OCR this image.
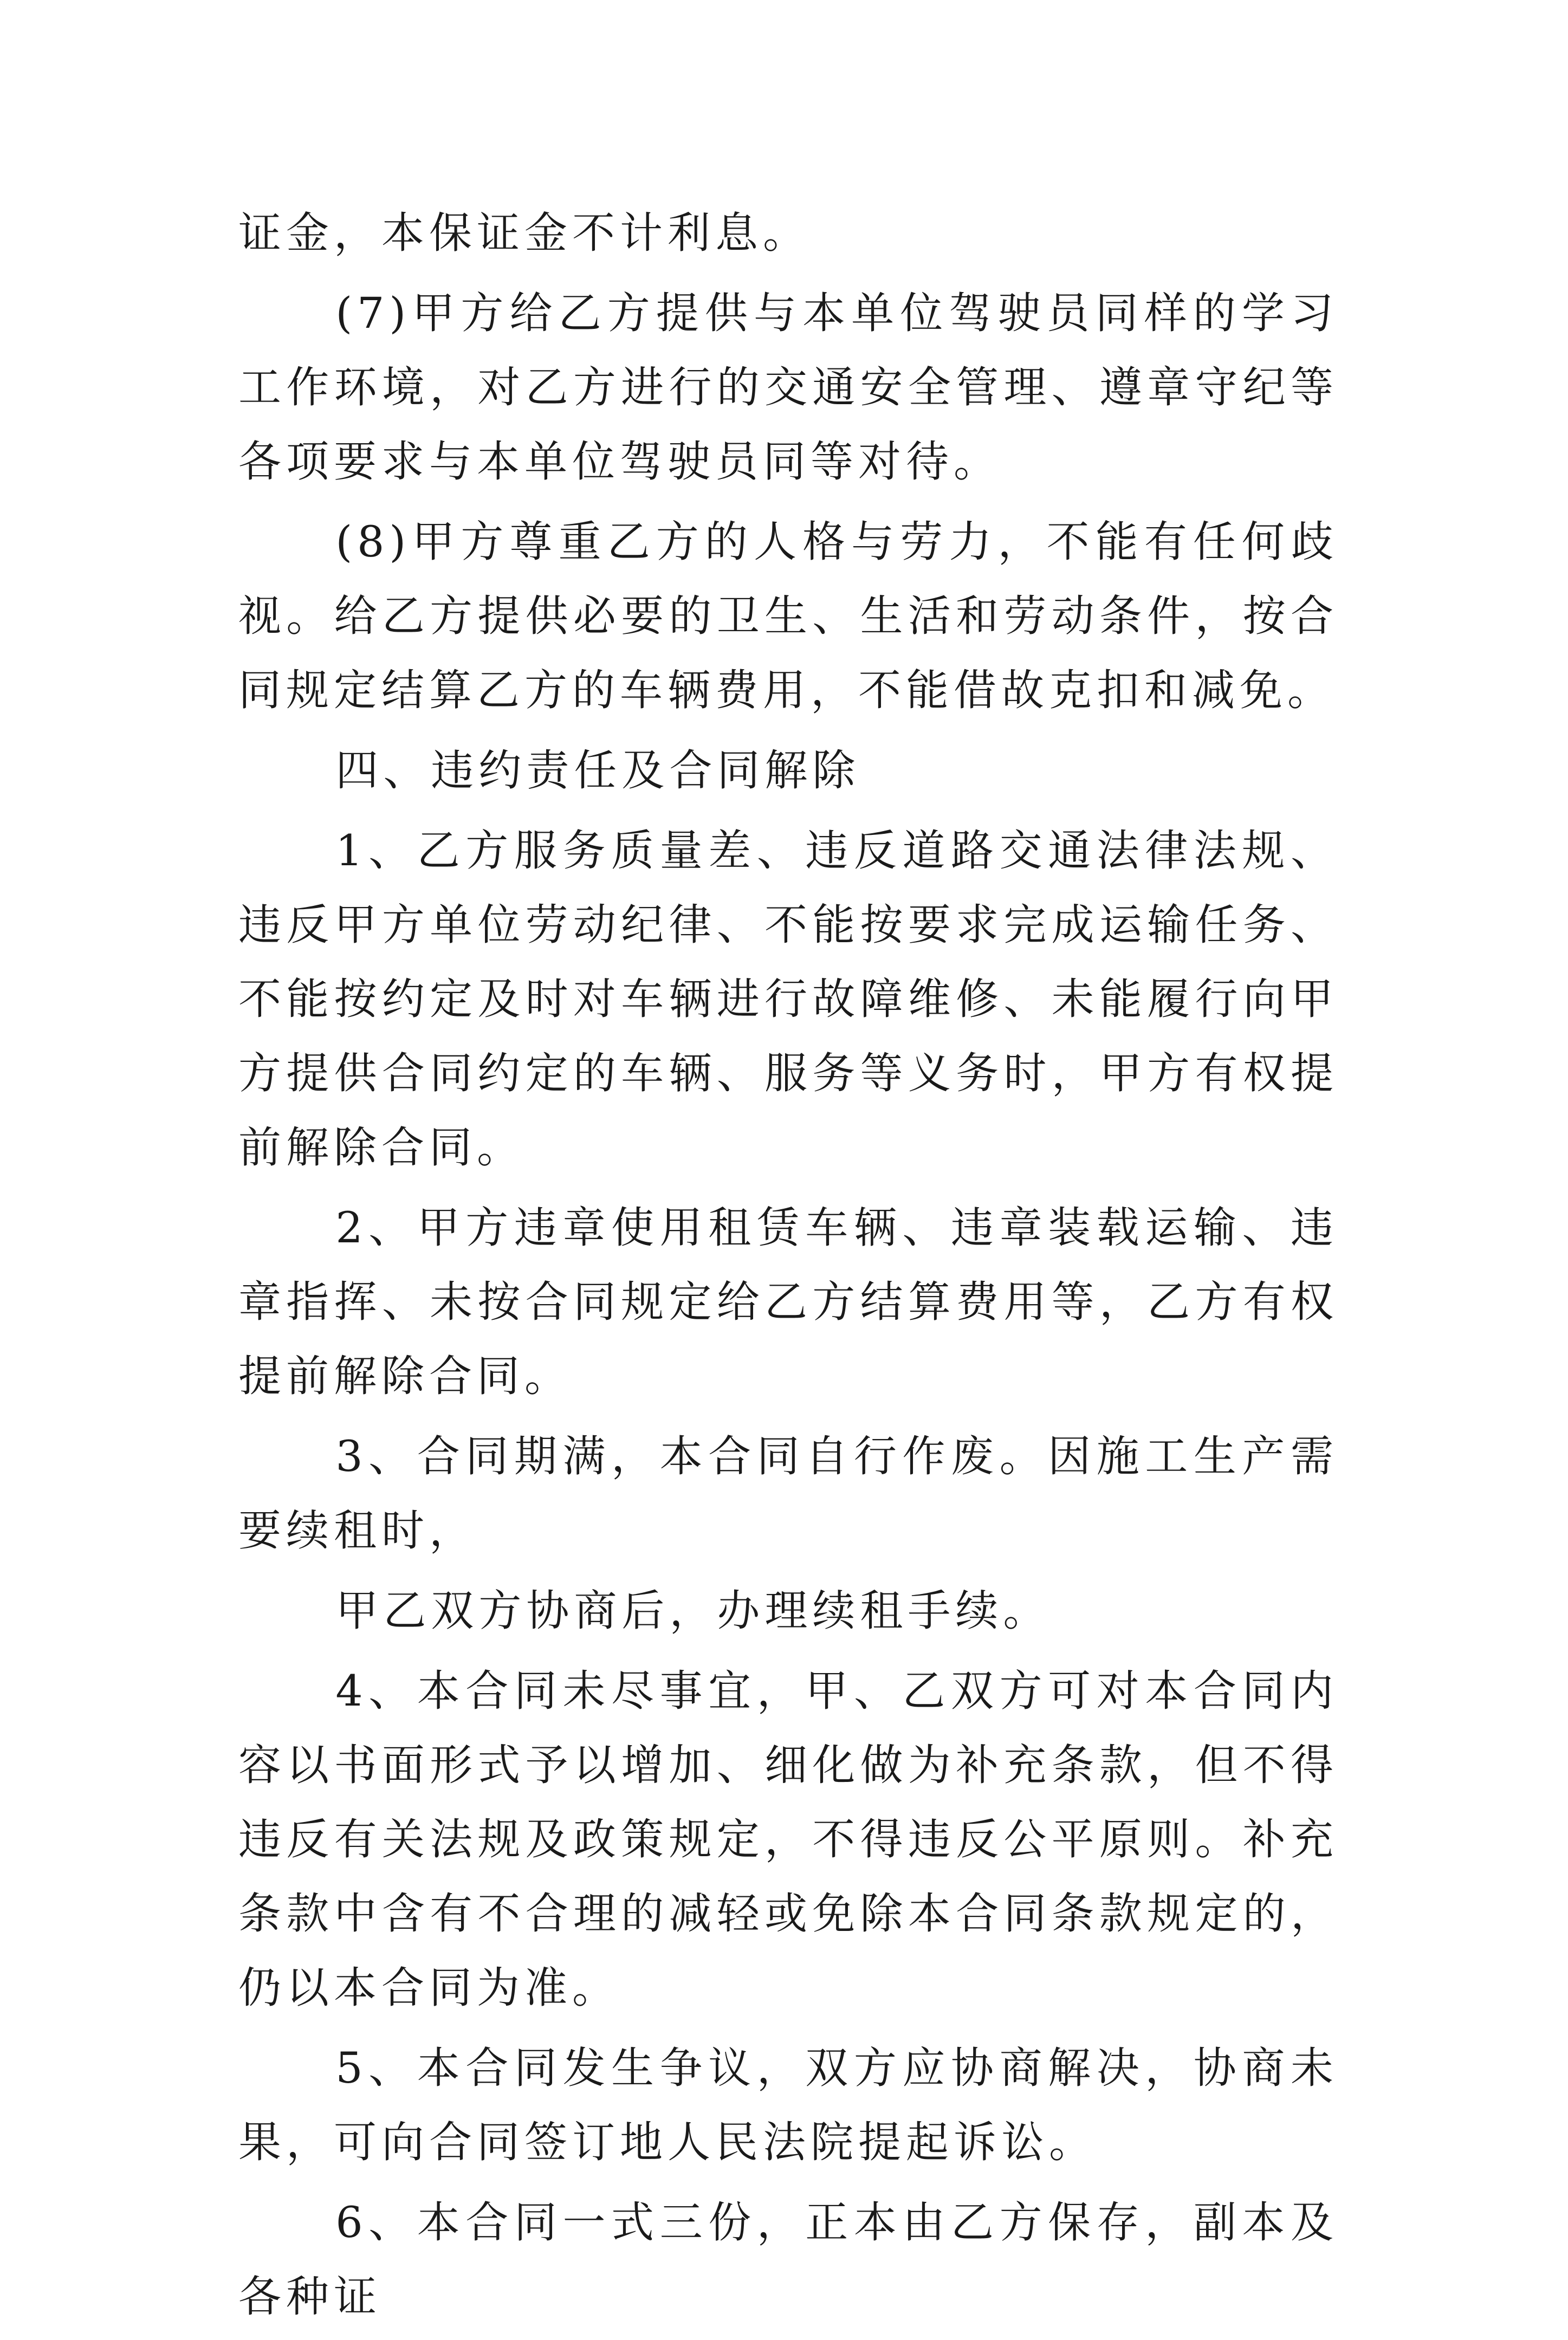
证金，本保证金不计利息。

(7)甲方给乙方提供与本单位驾驶员同样的学习工作环境，对乙方进行的交通安全管理、遵章守纪等各项要求与本单位驾驶员同等对待。

(8)甲方尊重乙方的人格与劳力，不能有任何歧视。给乙方提供必要的卫生、生活和劳动条件，按合同规定结算乙方的车辆费用，不能借故克扣和减免。

四、违约责任及合同解除

1、乙方服务质量差、违反道路交通法律法规、违反甲方单位劳动纪律、不能按要求完成运输任务、不能按约定及时对车辆进行故障维修、未能履行向甲方提供合同约定的车辆、服务等义务时，甲方有权提前解除合同。

2、甲方违章使用租赁车辆、违章装载运输、违章指挥、未按合同规定给乙方结算费用等，乙方有权提前解除合同。

3、合同期满，本合同自行作废。因施工生产需要续租时，

甲乙双方协商后，办理续租手续。

4、本合同未尽事宜，甲、乙双方可对本合同内容以书面形式予以增加、细化做为补充条款，但不得违反有关法规及政策规定，不得违反公平原则。补充条款中含有不合理的减轻或免除本合同条款规定的，仍以本合同为准。

5、本合同发生争议，双方应协商解决，协商未果，可向合同签订地人民法院提起诉讼。

6、本合同一式三份，正本由乙方保存，副本及各种证
